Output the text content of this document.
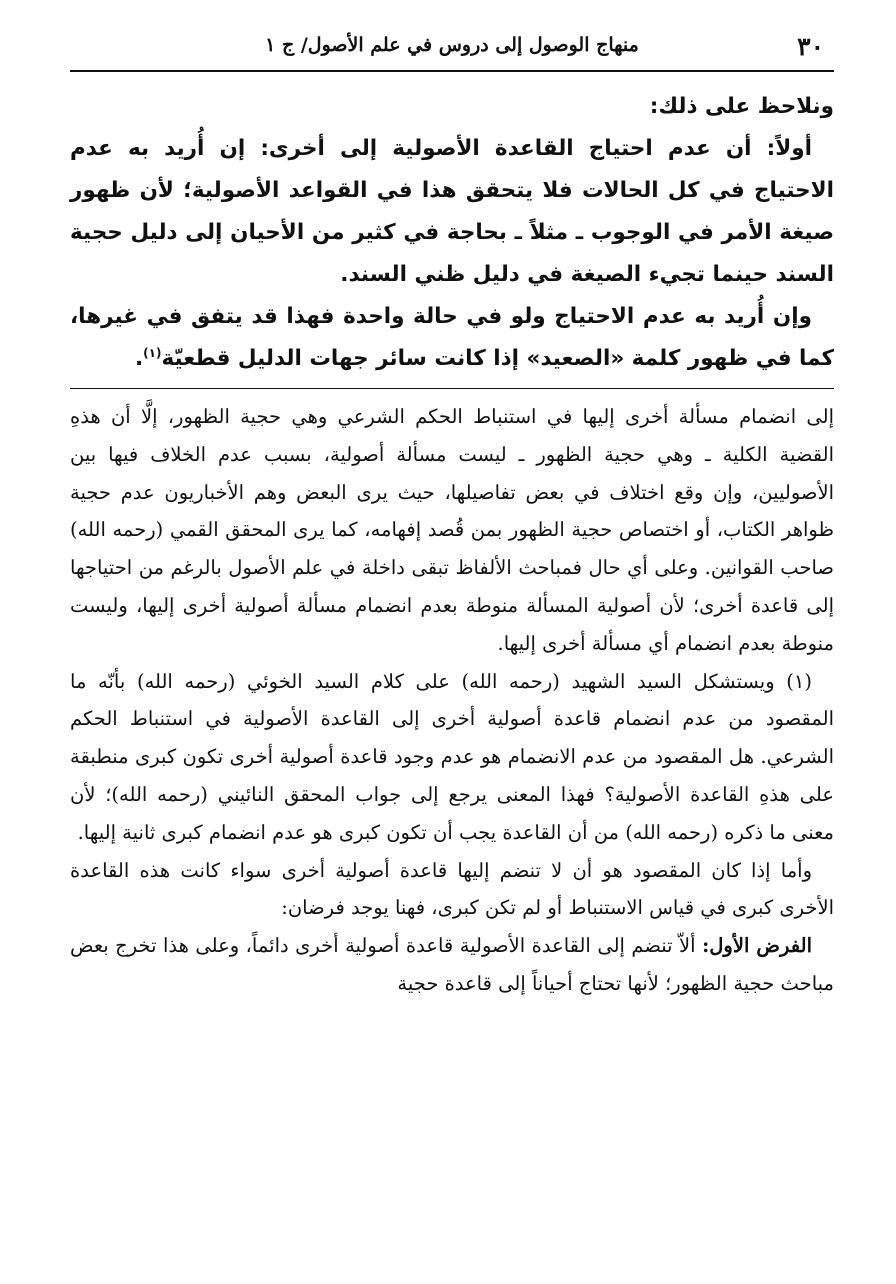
٣٠
منهاج الوصول إلى دروس في علم الأصول/ ج ١

ونلاحظ على ذلك:

أولاً: أن عدم احتياج القاعدة الأصولية إلى أخرى: إن أُريد به عدم الاحتياج في كل الحالات فلا يتحقق هذا في القواعد الأصولية؛ لأن ظهور صيغة الأمر في الوجوب ـ مثلاً ـ بحاجة في كثير من الأحيان إلى دليل حجية السند حينما تجيء الصيغة في دليل ظني السند.

وإن أُريد به عدم الاحتياج ولو في حالة واحدة فهذا قد يتفق في غيرها، كما في ظهور كلمة «الصعيد» إذا كانت سائر جهات الدليل قطعيّة$^{(١)}$.

إلى انضمام مسألة أخرى إليها في استنباط الحكم الشرعي وهي حجية الظهور، إلَّا أن هذهِ القضية الكلية ـ وهي حجية الظهور ـ ليست مسألة أصولية، بسبب عدم الخلاف فيها بين الأصوليين، وإن وقع اختلاف في بعض تفاصيلها، حيث يرى البعض وهم الأخباريون عدم حجية ظواهر الكتاب، أو اختصاص حجية الظهور بمن قُصد إفهامه، كما يرى المحقق القمي (رحمه الله) صاحب القوانين. وعلى أي حال فمباحث الألفاظ تبقى داخلة في علم الأصول بالرغم من احتياجها إلى قاعدة أخرى؛ لأن أصولية المسألة منوطة بعدم انضمام مسألة أصولية أخرى إليها، وليست منوطة بعدم انضمام أي مسألة أخرى إليها.

(١) ويستشكل السيد الشهيد (رحمه الله) على كلام السيد الخوئي (رحمه الله) بأنّه ما المقصود من عدم انضمام قاعدة أصولية أخرى إلى القاعدة الأصولية في استنباط الحكم الشرعي. هل المقصود من عدم الانضمام هو عدم وجود قاعدة أصولية أخرى تكون كبرى منطبقة على هذهِ القاعدة الأصولية؟ فهذا المعنى يرجع إلى جواب المحقق النائيني (رحمه الله)؛ لأن معنى ما ذكره (رحمه الله) من أن القاعدة يجب أن تكون كبرى هو عدم انضمام كبرى ثانية إليها.

وأما إذا كان المقصود هو أن لا تنضم إليها قاعدة أصولية أخرى سواء كانت هذه القاعدة الأخرى كبرى في قياس الاستنباط أو لم تكن كبرى، فهنا يوجد فرضان:

الفرض الأول: ألاّ تنضم إلى القاعدة الأصولية قاعدة أصولية أخرى دائماً، وعلى هذا تخرج بعض مباحث حجية الظهور؛ لأنها تحتاج أحياناً إلى قاعدة حجية
